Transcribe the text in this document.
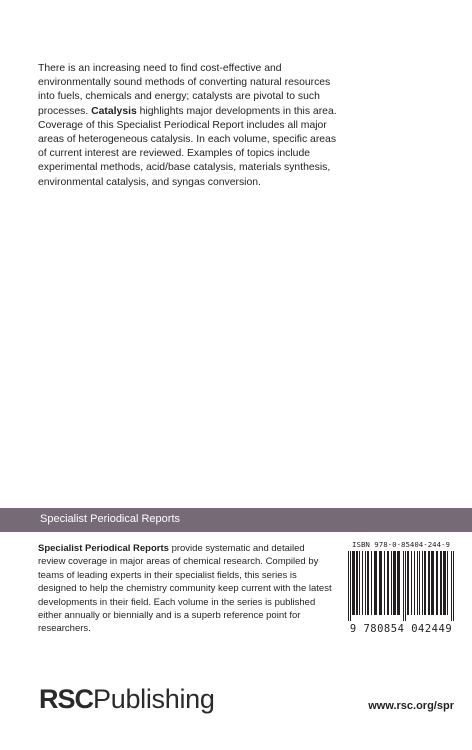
There is an increasing need to find cost-effective and environmentally sound methods of converting natural resources into fuels, chemicals and energy; catalysts are pivotal to such processes. Catalysis highlights major developments in this area. Coverage of this Specialist Periodical Report includes all major areas of heterogeneous catalysis. In each volume, specific areas of current interest are reviewed. Examples of topics include experimental methods, acid/base catalysis, materials synthesis, environmental catalysis, and syngas conversion.

Specialist Periodical Reports

Specialist Periodical Reports provide systematic and detailed review coverage in major areas of chemical research. Compiled by teams of leading experts in their specialist fields, this series is designed to help the chemistry community keep current with the latest developments in their field. Each volume in the series is published either annually or biennially and is a superb reference point for researchers.

ISBN 978-0-85404-244-9
9 780854 042449
RSCPublishing	www.rsc.org/spr
